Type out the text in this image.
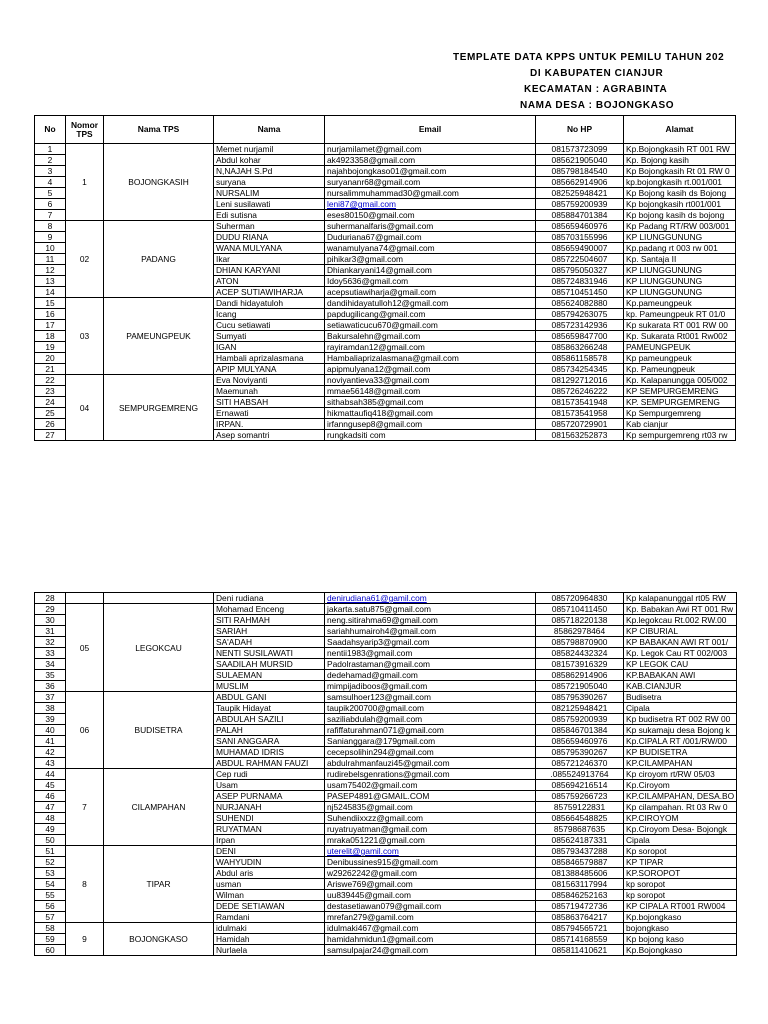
TEMPLATE DATA KPPS UNTUK PEMILU TAHUN 202
DI KABUPATEN CIANJUR
KECAMATAN : AGRABINTA
NAMA DESA : BOJONGKASO
No	Nomor TPS	Nama TPS	Nama	Email	No HP	Alamat
1	1	BOJONGKASIH	Memet nurjamil	nurjamilamet@gmail.com	081573723099	Kp.Bojongkasih RT 001 RW
2			Abdul kohar	ak4923358@gmail.com	085621905040	Kp. Bojong kasih
3			N,NAJAH S.Pd	najahbojongkaso01@gmail.com	085798184540	Kp Bojongkasih Rt 01 RW 0
4			suryana	suryananr68@gmail.com	085662914906	kp.bojongkasih rt.001/001
5			NURSALIM	nursalimmuhammad30@gmail.com	082525948421	Kp Bojong kasih ds Bojong
6			Leni susilawati	leni87@gmail.com	085759200939	Kp bojongkasih rt001/001
7			Edi sutisna	eses80150@gmail.com	085884701384	Kp bojong kasih ds bojong
8	02	PADANG	Suherman	suhermanalfaris@gmail.com	085659460976	Kp Padang RT/RW 003/001
9			DUDU RIANA	Duduriana67@gmail.com	085703155996	KP LIUNGGUNUNG
10			WANA MULYANA	wanamulyana74@gmail.com	085659490007	Kp.padang rt 003 rw 001
11			Ikar	pihikar3@gmail.com	085722504607	Kp. Santaja II
12			DHIAN KARYANI	Dhiankaryani14@gmail.com	085795050327	KP LIUNGGUNUNG
13			ATON	Idoy5636@gmail.com	085724831946	KP LIUNGGUNUNG
14			ACEP SUTIAWIHARJA	acepsutiawiharja@gmail.com	085710451450	KP LIUNGGUNUNG
15	03	PAMEUNGPEUK	Dandi hidayatuloh	dandihidayatulloh12@gmail.com	085624082880	Kp.pameungpeuk
16			Icang	papdugilicang@gmail.com	085794263075	kp. Pameungpeuk RT 01/0
17			Cucu setiawati	setiawaticucu670@gmail.com	085723142936	Kp sukarata RT 001 RW 00
18			Sumyati	Bakursalehn@gmail.com	085659847700	Kp. Sukarata Rt001 Rw002
19			IGAN	rayiramdan12@gmail.com	085863266248	PAMEUNGPEUK
20			Hambali aprizalasmana	Hambaliaprizalasmana@gmail.com	085861158578	Kp pameungpeuk
21			APIP MULYANA	apipmulyana12@gmail.com	085734254345	Kp. Pameungpeuk
22	04	SEMPURGEMRENG	Eva Noviyanti	noviyantieva33@gmail.com	081292712016	Kp. Kalapanungga 005/002
23			Maemunah	mmae56148@gmail.com	085726246222	KP SEMPURGEMRENG
24			SITI HABSAH	sithabsah385@gmail.com	081573541948	KP. SEMPURGEMRENG
25			Ernawati	hikmattaufiq418@gmail.com	081573541958	Kp Sempurgemreng
26			IRPAN.	irfanngusep8@gmail.com	085720729901	Kab cianjur
27			Asep somantri	rungkadsiti com	081563252873	Kp sempurgemreng rt03 rw
28			Deni rudiana	denirudiana61@gamil.com	085720964830	Kp kalapanunggal rt05 RW
29	05	LEGOKCAU	Mohamad Enceng	jakarta.satu875@gmail.com	085710411450	Kp. Babakan Awi RT 001 Rw
30			SITI RAHMAH	neng.sitirahma69@gmail.com	085718220138	Kp.legokcau Rt.002 RW.00
31			SARIAH	sariahhumairoh4@gmail.com	85862978464	KP CIBURIAL
32			SA'ADAH	Saadahsyarip3@gmail.com	085798870900	KP BABAKAN AWI RT 001/
33			NENTI SUSILAWATI	nentii1983@gmail.com	085824432324	Kp. Legok Cau RT 002/003
34			SAADILAH MURSID	Padolrastaman@gmail.com	081573916329	KP LEGOK CAU
35			SULAEMAN	dedehamad@gmail.com	085862914906	KP.BABAKAN AWI
36			MUSLIM	mimpijadiboos@gmail.com	085721905040	KAB.CIANJUR
37	06	BUDISETRA	ABDUL GANI	samsulhoer123@gmail.com	085795390267	Budisetra
38			Taupik Hidayat	taupik200700@gmail.com	082125948421	Cipala
39			ABDULAH SAZILI	saziliabdulah@gmail.com	085759200939	Kp budisetra RT 002 RW 00
40			PALAH	rafiffaturahman071@gmail.com	085846701384	Kp sukamaju desa Bojong k
41			SANI ANGGARA	Sanianggara@179gmail.com	085659460976	Kp.CIPALA RT /001/RW/00
42			MUHAMAD IDRIS	cecepsolihin294@gmail.com	085795390267	KP BUDISETRA
43			ABDUL RAHMAN FAUZI	abdulrahmanfauzi45@gmail.com	085721246370	KP.CILAMPAHAN
44	7	CILAMPAHAN	Cep rudi	rudirebelsgenrations@gmail.com	.085524913764	Kp ciroyom rt/RW 05/03
45			Usam	usam75402@gmail.com	085694216514	Kp.Ciroyom
46			ASEP PURNAMA	PASEP4891@GMAIL.COM	085759266723	KP.CILAMPAHAN, DESA.BO
47			NURJANAH	nj5245835@gmail.com	85759122831	Kp cilampahan. Rt 03 Rw 0
48			SUHENDI	Suhendiixxzz@gmail.com	085664548825	KP.CIROYOM
49			RUYATMAN	ruyatruyatman@gmail.com	85798687635	Kp.Ciroyom Desa- Bojongk
50			Irpan	mraka051221@gmail.com	085624187331	Cipala
51	8	TIPAR	DENI	uterelit@gamil.com	085793437288	Kp soropot
52			WAHYUDIN	Denibussines915@gmail.com	085846579887	KP TIPAR
53			Abdul aris	w29262242@gmail.com	081388485606	KP.SOROPOT
54			usman	Ariswe769@gmail.com	081563117994	kp soropot
55			Wilman	uu839445@gmail.com	085846252163	kp soropot
56			DEDE SETIAWAN	destasetiawan079@gmail.com	085719472736	KP CIPALA RT001 RW004
57			Ramdani	mrefan279@gamil.com	085863764217	Kp.bojongkaso
58	9	BOJONGKASO	idulmaki	idulmaki467@gmail.com	085794565721	bojongkaso
59			Hamidah	hamidahmidun1@gmail.com	085714168559	Kp bojong kaso
60			Nurlaela	samsulpajar24@gmail.com	085811410621	Kp.Bojongkaso
